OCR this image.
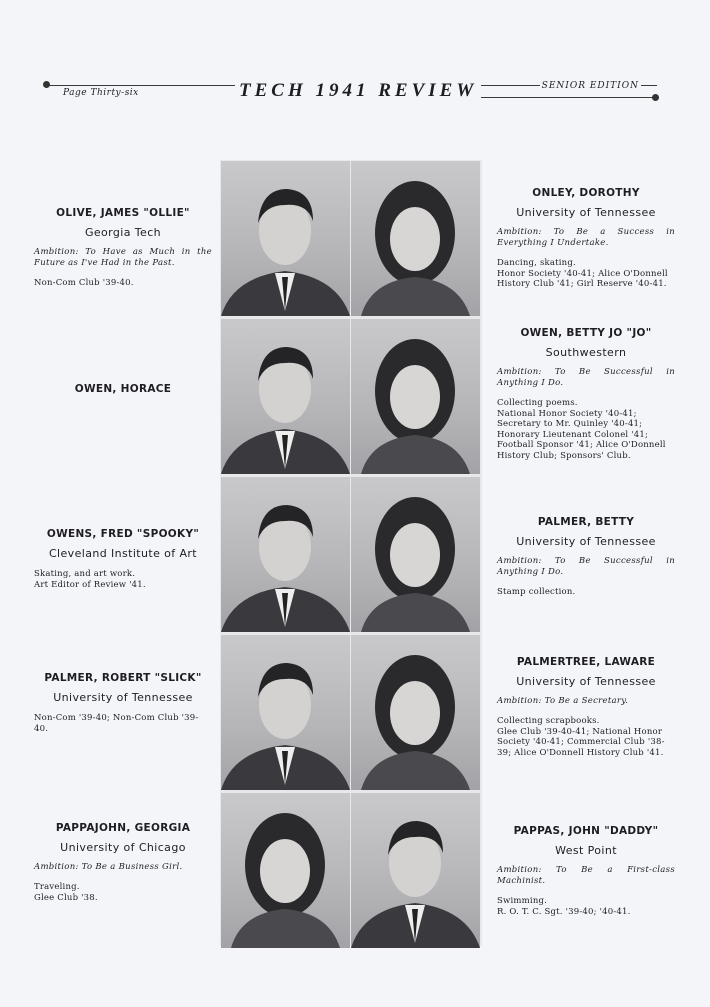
Page Thirty-six	TECH 1941 REVIEW	SENIOR EDITION
OLIVE, JAMES "OLLIE"
Georgia Tech
Ambition: To Have as Much in the Future as I've Had in the Past.
Non-Com Club '39-40.
ONLEY, DOROTHY
University of Tennessee
Ambition: To Be a Success in Everything I Undertake.
Dancing, skating.
Honor Society '40-41; Alice O'Donnell History Club '41; Girl Reserve '40-41.
OWEN, HORACE
OWEN, BETTY JO "JO"
Southwestern
Ambition: To Be Successful in Anything I Do.
Collecting poems.
National Honor Society '40-41; Secretary to Mr. Quinley '40-41; Honorary Lieutenant Colonel '41; Football Sponsor '41; Alice O'Donnell History Club; Sponsors' Club.
OWENS, FRED "SPOOKY"
Cleveland Institute of Art
Skating, and art work.
Art Editor of Review '41.
PALMER, BETTY
University of Tennessee
Ambition: To Be Successful in Anything I Do.
Stamp collection.
PALMER, ROBERT "SLICK"
University of Tennessee
Non-Com '39-40; Non-Com Club '39-40.
PALMERTREE, LAWARE
University of Tennessee
Ambition: To Be a Secretary.
Collecting scrapbooks.
Glee Club '39-40-41; National Honor Society '40-41; Commercial Club '38-39; Alice O'Donnell History Club '41.
PAPPAJOHN, GEORGIA
University of Chicago
Ambition: To Be a Business Girl.
Traveling.
Glee Club '38.
PAPPAS, JOHN "DADDY"
West Point
Ambition: To Be a First-class Machinist.
Swimming.
R. O. T. C. Sgt. '39-40; '40-41.
